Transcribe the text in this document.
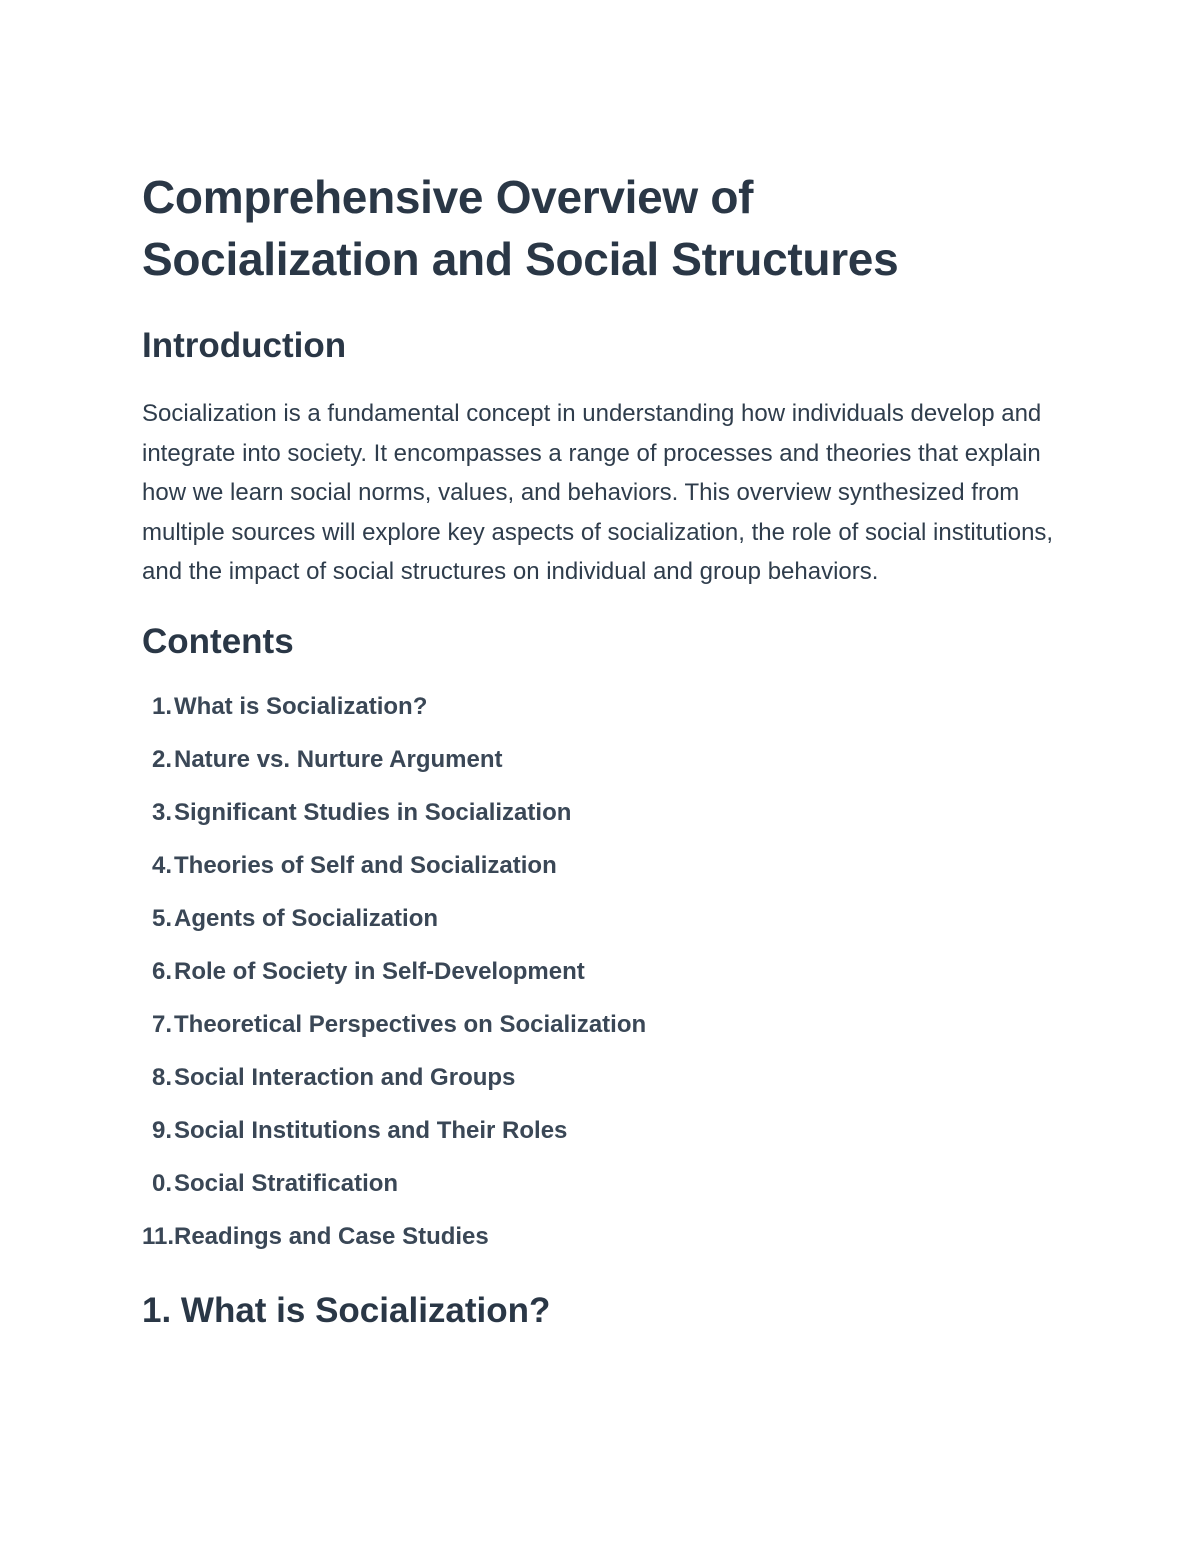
Comprehensive Overview of
Socialization and Social Structures
Introduction

Socialization is a fundamental concept in understanding how individuals develop and integrate into society. It encompasses a range of processes and theories that explain how we learn social norms, values, and behaviors. This overview synthesized from multiple sources will explore key aspects of socialization, the role of social institutions, and the impact of social structures on individual and group behaviors.

Contents
1. What is Socialization?
2. Nature vs. Nurture Argument
3. Significant Studies in Socialization
4. Theories of Self and Socialization
5. Agents of Socialization
6. Role of Society in Self-Development
7. Theoretical Perspectives on Socialization
8. Social Interaction and Groups
9. Social Institutions and Their Roles
0. Social Stratification
11. Readings and Case Studies
1. What is Socialization?
